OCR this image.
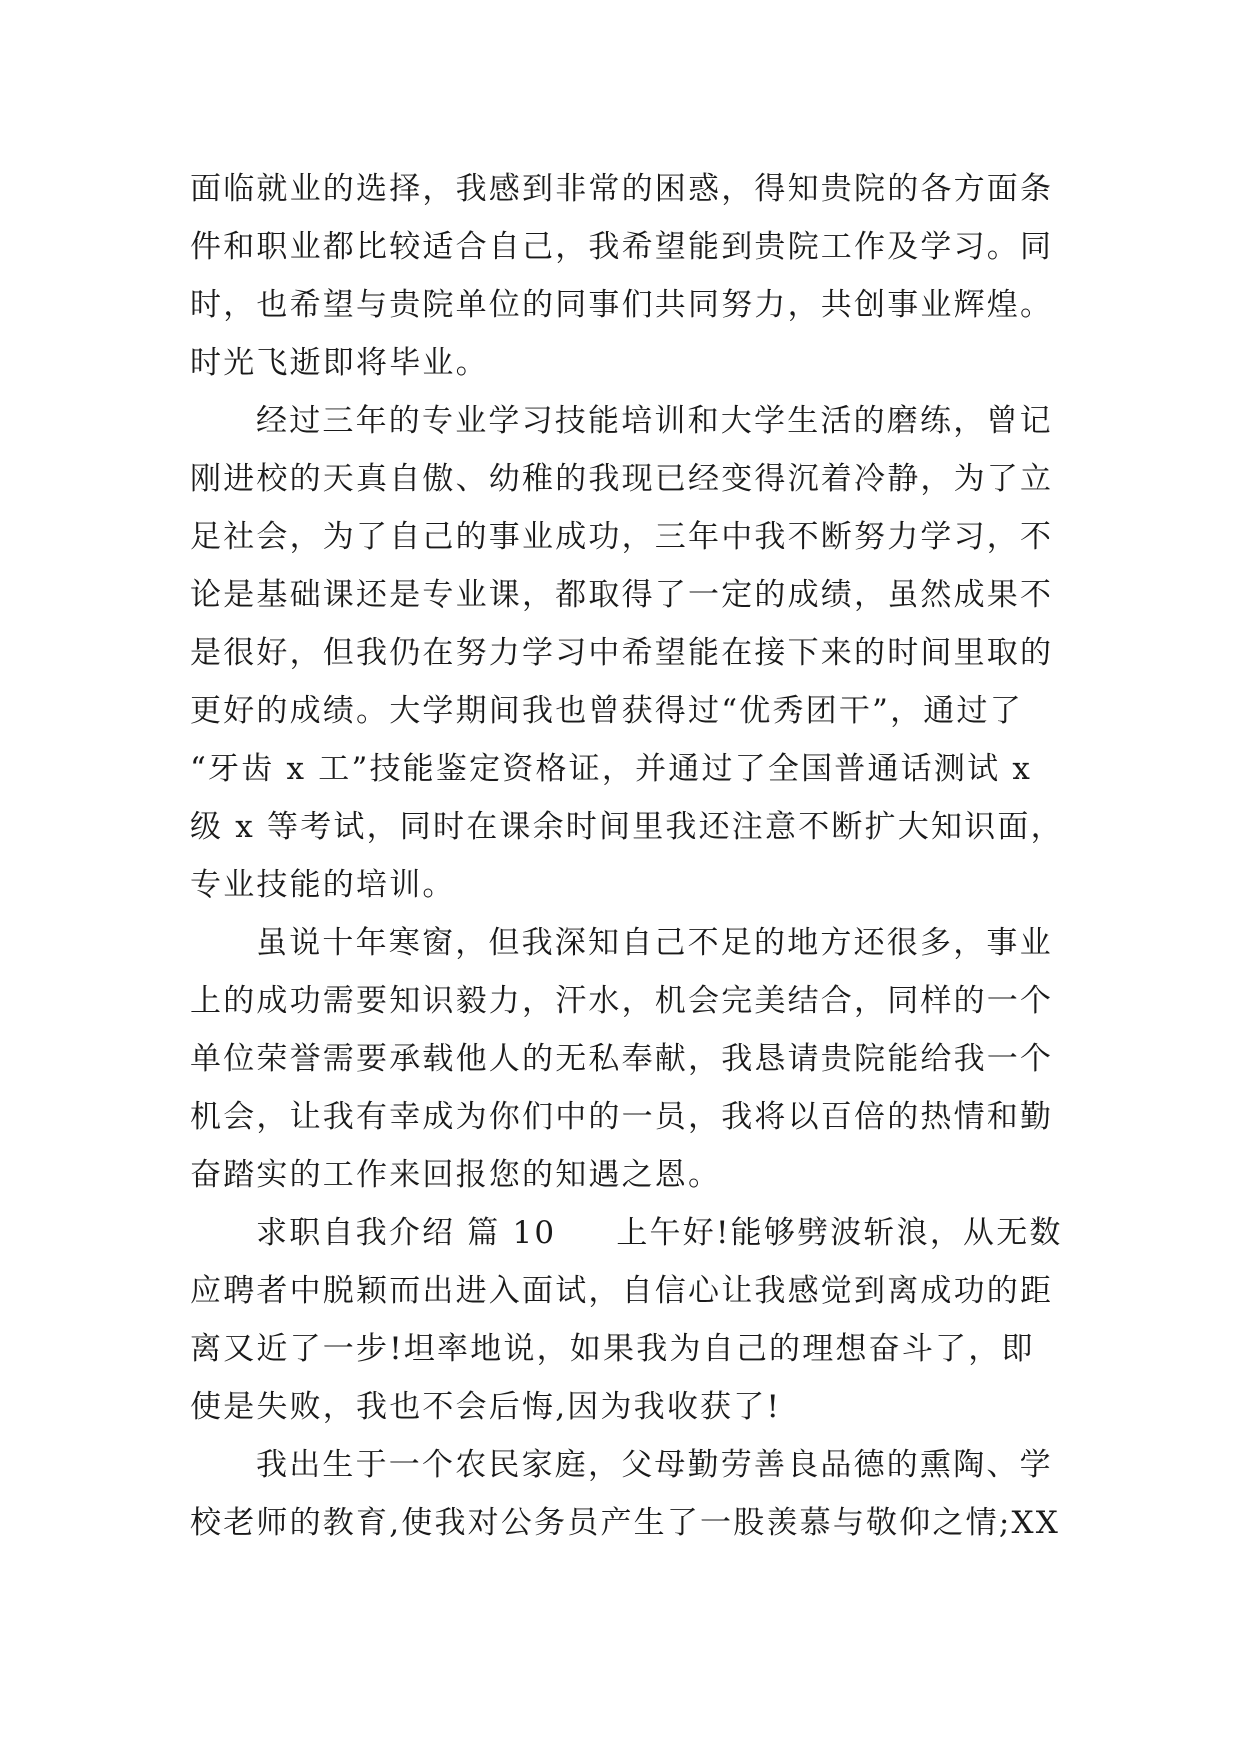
面临就业的选择，我感到非常的困惑，得知贵院的各方面条
件和职业都比较适合自己，我希望能到贵院工作及学习。同
时，也希望与贵院单位的同事们共同努力，共创事业辉煌。
时光飞逝即将毕业。
经过三年的专业学习技能培训和大学生活的磨练，曾记
刚进校的天真自傲、幼稚的我现已经变得沉着冷静，为了立
足社会，为了自己的事业成功，三年中我不断努力学习，不
论是基础课还是专业课，都取得了一定的成绩，虽然成果不
是很好，但我仍在努力学习中希望能在接下来的时间里取的
更好的成绩。大学期间我也曾获得过“优秀团干”，通过了
“牙齿 x 工”技能鉴定资格证，并通过了全国普通话测试 x
级 x 等考试，同时在课余时间里我还注意不断扩大知识面，
专业技能的培训。
虽说十年寒窗，但我深知自己不足的地方还很多，事业
上的成功需要知识毅力，汗水，机会完美结合，同样的一个
单位荣誉需要承载他人的无私奉献，我恳请贵院能给我一个
机会，让我有幸成为你们中的一员，我将以百倍的热情和勤
奋踏实的工作来回报您的知遇之恩。
求职自我介绍 篇 10 上午好!能够劈波斩浪，从无数
应聘者中脱颖而出进入面试，自信心让我感觉到离成功的距
离又近了一步!坦率地说，如果我为自己的理想奋斗了，即
使是失败，我也不会后悔,因为我收获了!
我出生于一个农民家庭，父母勤劳善良品德的熏陶、学
校老师的教育,使我对公务员产生了一股羡慕与敬仰之情;XX
